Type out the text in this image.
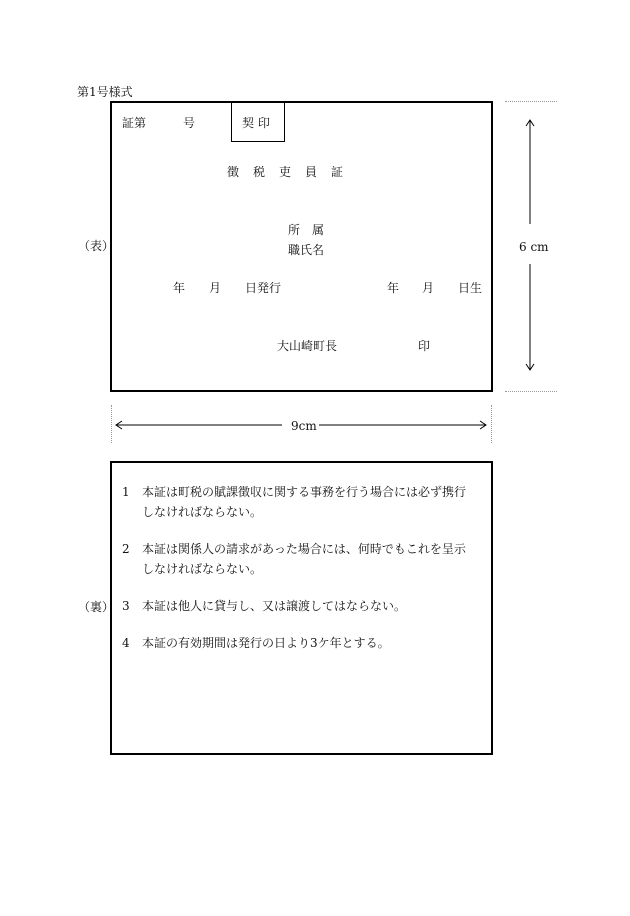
第1号様式
（表）
証第	号	契 印
徴　税　吏　員　証
所　属
職氏名
年 月 日発行	年 月 日生
大山崎町長	印
6 cm
9cm
（裏）
1 本証は町税の賦課徴収に関する事務を行う場合には必ず携行
しなければならない。
2 本証は関係人の請求があった場合には、何時でもこれを呈示
しなければならない。
3 本証は他人に貸与し、又は譲渡してはならない。
4 本証の有効期間は発行の日より3ケ年とする。
